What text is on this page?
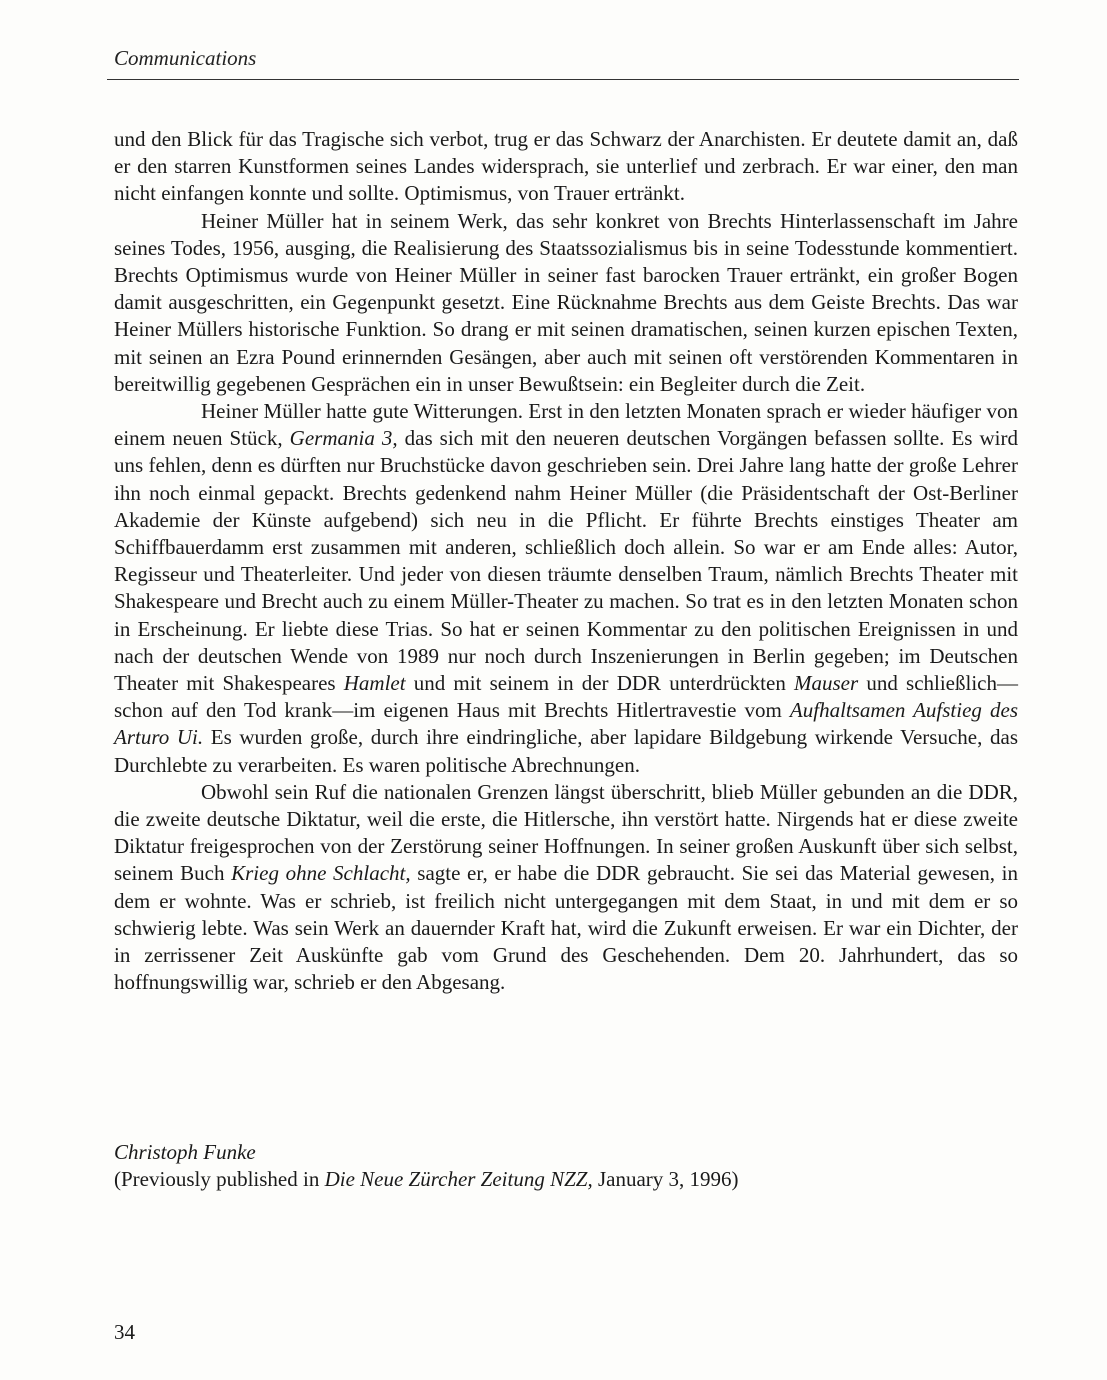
Communications

und den Blick für das Tragische sich verbot, trug er das Schwarz der Anarchisten. Er deutete damit an, daß er den starren Kunstformen seines Landes widersprach, sie unterlief und zerbrach. Er war einer, den man nicht einfangen konnte und sollte. Optimismus, von Trauer ertränkt.

Heiner Müller hat in seinem Werk, das sehr konkret von Brechts Hinterlassenschaft im Jahre seines Todes, 1956, ausging, die Realisierung des Staatssozialismus bis in seine Todesstunde kommentiert. Brechts Optimismus wurde von Heiner Müller in seiner fast barocken Trauer ertränkt, ein großer Bogen damit ausgeschritten, ein Gegenpunkt gesetzt. Eine Rücknahme Brechts aus dem Geiste Brechts. Das war Heiner Müllers historische Funktion. So drang er mit seinen dramatischen, seinen kurzen epischen Texten, mit seinen an Ezra Pound erinnernden Gesängen, aber auch mit seinen oft verstörenden Kommentaren in bereitwillig gegebenen Gesprächen ein in unser Bewußtsein: ein Begleiter durch die Zeit.

Heiner Müller hatte gute Witterungen. Erst in den letzten Monaten sprach er wieder häufiger von einem neuen Stück, Germania 3, das sich mit den neueren deutschen Vorgängen befassen sollte. Es wird uns fehlen, denn es dürften nur Bruchstücke davon geschrieben sein. Drei Jahre lang hatte der große Lehrer ihn noch einmal gepackt. Brechts gedenkend nahm Heiner Müller (die Präsidentschaft der Ost-Berliner Akademie der Künste aufgebend) sich neu in die Pflicht. Er führte Brechts einstiges Theater am Schiffbauerdamm erst zusammen mit anderen, schließlich doch allein. So war er am Ende alles: Autor, Regisseur und Theaterleiter. Und jeder von diesen träumte denselben Traum, nämlich Brechts Theater mit Shakespeare und Brecht auch zu einem Müller-Theater zu machen. So trat es in den letzten Monaten schon in Erscheinung. Er liebte diese Trias. So hat er seinen Kommentar zu den politischen Ereignissen in und nach der deutschen Wende von 1989 nur noch durch Inszenierungen in Berlin gegeben; im Deutschen Theater mit Shakespeares Hamlet und mit seinem in der DDR unterdrückten Mauser und schließlich—schon auf den Tod krank—im eigenen Haus mit Brechts Hitlertravestie vom Aufhaltsamen Aufstieg des Arturo Ui. Es wurden große, durch ihre eindringliche, aber lapidare Bildgebung wirkende Versuche, das Durchlebte zu verarbeiten. Es waren politische Abrechnungen.

Obwohl sein Ruf die nationalen Grenzen längst überschritt, blieb Müller gebunden an die DDR, die zweite deutsche Diktatur, weil die erste, die Hitlersche, ihn verstört hatte. Nirgends hat er diese zweite Diktatur freigesprochen von der Zerstörung seiner Hoffnungen. In seiner großen Auskunft über sich selbst, seinem Buch Krieg ohne Schlacht, sagte er, er habe die DDR gebraucht. Sie sei das Material gewesen, in dem er wohnte. Was er schrieb, ist freilich nicht untergegangen mit dem Staat, in und mit dem er so schwierig lebte. Was sein Werk an dauernder Kraft hat, wird die Zukunft erweisen. Er war ein Dichter, der in zerrissener Zeit Auskünfte gab vom Grund des Geschehenden. Dem 20. Jahrhundert, das so hoffnungswillig war, schrieb er den Abgesang.

Christoph Funke
(Previously published in Die Neue Zürcher Zeitung NZZ, January 3, 1996)
34
